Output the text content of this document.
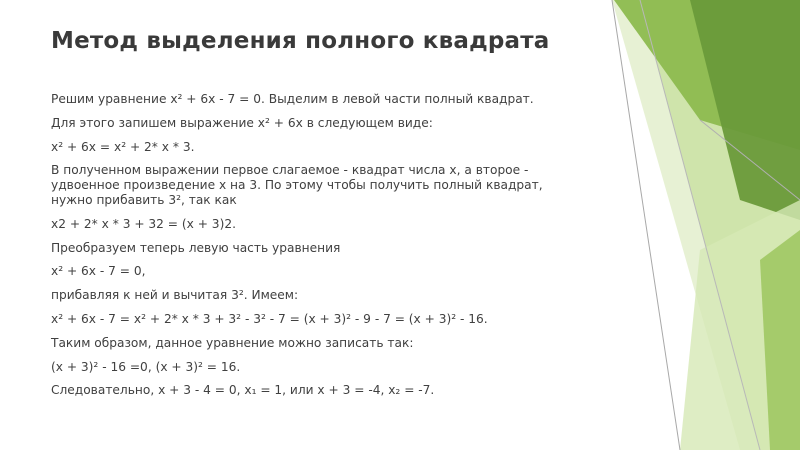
Метод выделения полного квадрата
Решим уравнение x² + 6x - 7 = 0. Выделим в левой части полный квадрат.
Для этого запишем выражение x² + 6x в следующем виде:
x² + 6x = x² + 2* x * 3.
В полученном выражении первое слагаемое - квадрат числа x, а второе -
удвоенное произведение x на 3. По этому чтобы получить полный квадрат,
нужно прибавить 3², так как
x2 + 2* x * 3 + 32 = (x + 3)2.
Преобразуем теперь левую часть уравнения
x² + 6x - 7 = 0,
прибавляя к ней и вычитая 3². Имеем:
x² + 6x - 7 = x² + 2* x * 3 + 3² - 3² - 7 = (x + 3)² - 9 - 7 = (x + 3)² - 16.
Таким образом, данное уравнение можно записать так:
(x + 3)² - 16 =0, (x + 3)² = 16.
Следовательно, x + 3 - 4 = 0, x₁ = 1, или x + 3 = -4, x₂ = -7.
